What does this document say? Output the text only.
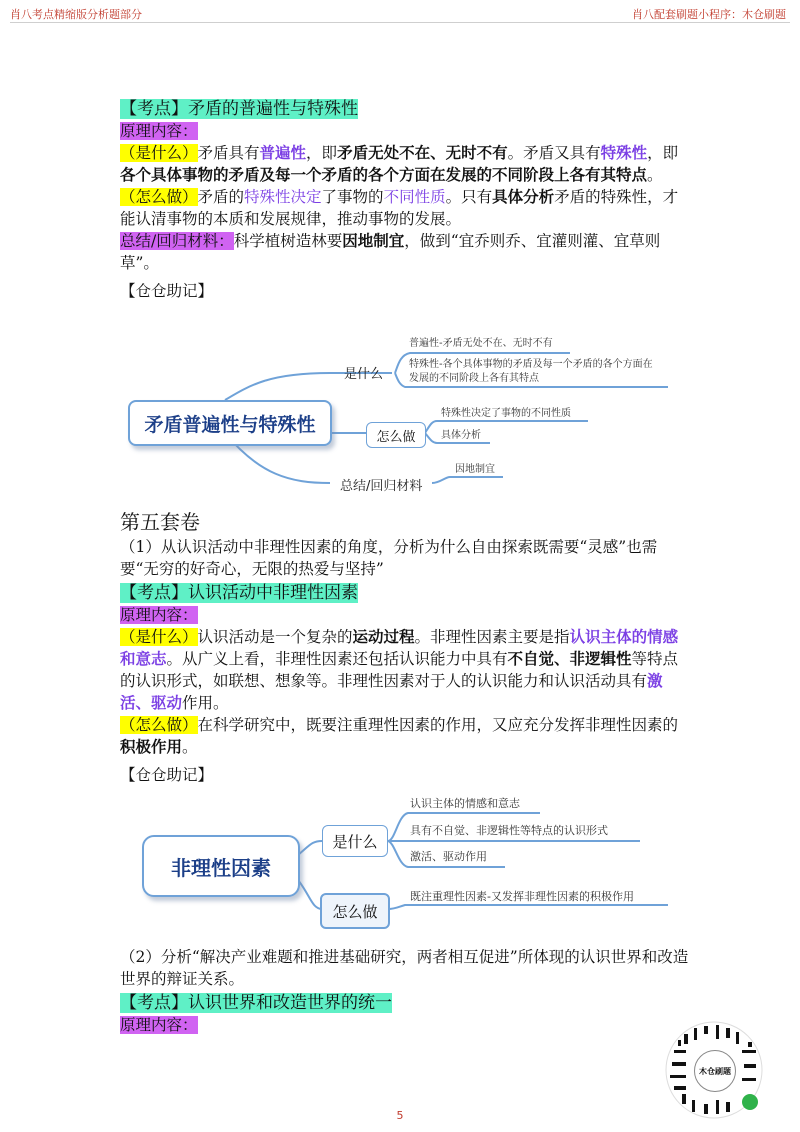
肖八考点精缩版分析题部分	肖八配套刷题小程序：木仓刷题

【考点】矛盾的普遍性与特殊性

原理内容：

（是什么）矛盾具有普遍性，即矛盾无处不在、无时不有。矛盾又具有特殊性，即各个具体事物的矛盾及每一个矛盾的各个方面在发展的不同阶段上各有其特点。

（怎么做）矛盾的特殊性决定了事物的不同性质。只有具体分析矛盾的特殊性，才能认清事物的本质和发展规律，推动事物的发展。

总结/回归材料：科学植树造林要因地制宜，做到“宜乔则乔、宜灌则灌、宜草则草”。

【仓仓助记】

矛盾普遍性与特殊性
是什么
普遍性-矛盾无处不在、无时不有
特殊性-各个具体事物的矛盾及每一个矛盾的各个方面在
发展的不同阶段上各有其特点
怎么做
特殊性决定了事物的不同性质
具体分析
总结/回归材料
因地制宜

第五套卷

（1）从认识活动中非理性因素的角度，分析为什么自由探索既需要“灵感”也需要“无穷的好奇心，无限的热爱与坚持”

【考点】认识活动中非理性因素

原理内容：

（是什么）认识活动是一个复杂的运动过程。非理性因素主要是指认识主体的情感和意志。从广义上看，非理性因素还包括认识能力中具有不自觉、非逻辑性等特点的认识形式，如联想、想象等。非理性因素对于人的认识能力和认识活动具有激活、驱动作用。

（怎么做）在科学研究中，既要注重理性因素的作用，又应充分发挥非理性因素的积极作用。

【仓仓助记】

非理性因素
是什么
认识主体的情感和意志
具有不自觉、非逻辑性等特点的认识形式
激活、驱动作用
怎么做
既注重理性因素-又发挥非理性因素的积极作用

（2）分析“解决产业难题和推进基础研究，两者相互促进”所体现的认识世界和改造世界的辩证关系。

【考点】认识世界和改造世界的统一

原理内容：

木仓刷题
5
